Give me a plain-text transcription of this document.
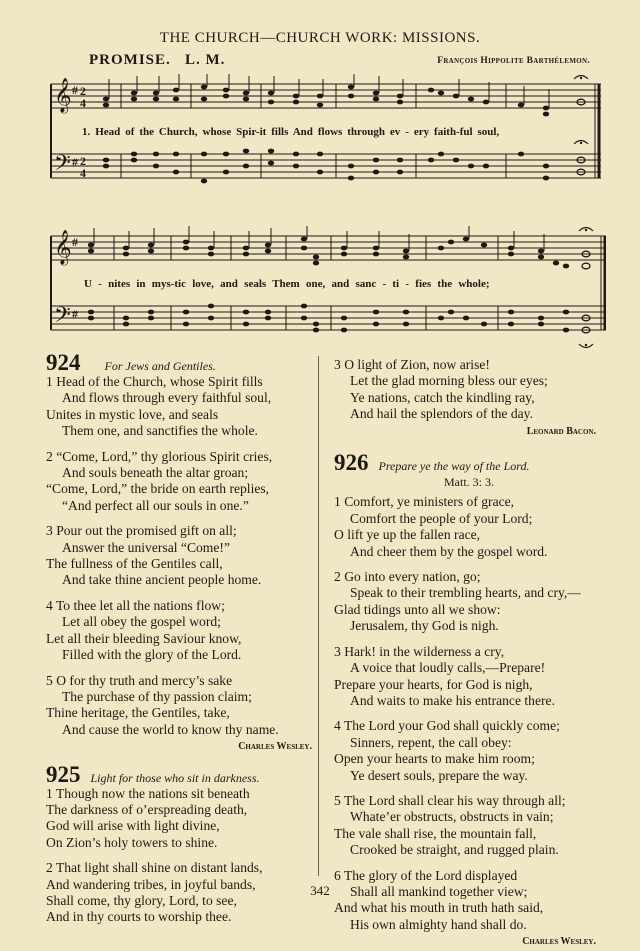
THE CHURCH—CHURCH WORK: MISSIONS.
PROMISE. L. M.	François Hippolite Barthélemon.
𝄞 # 2
4
𝄢 # 2
4
1. Head of the Church, whose Spir-it fills And flows through ev - ery faith-ful soul,
𝄞 #
𝄢 #
U - nites in mys-tic love, and seals Them one, and sanc - ti - fies the whole;
924 For Jews and Gentiles.
1 Head of the Church, whose Spirit fills
And flows through every faithful soul,
Unites in mystic love, and seals
Them one, and sanctifies the whole.
2 “Come, Lord,” thy glorious Spirit cries,
And souls beneath the altar groan;
“Come, Lord,” the bride on earth replies,
“And perfect all our souls in one.”
3 Pour out the promised gift on all;
Answer the universal “Come!”
The fullness of the Gentiles call,
And take thine ancient people home.
4 To thee let all the nations flow;
Let all obey the gospel word;
Let all their bleeding Saviour know,
Filled with the glory of the Lord.
5 O for thy truth and mercy’s sake
The purchase of thy passion claim;
Thine heritage, the Gentiles, take,
And cause the world to know thy name.
Charles Wesley.
925 Light for those who sit in darkness.
1 Though now the nations sit beneath
The darkness of o’erspreading death,
God will arise with light divine,
On Zion’s holy towers to shine.
2 That light shall shine on distant lands,
And wandering tribes, in joyful bands,
Shall come, thy glory, Lord, to see,
And in thy courts to worship thee.
3 O light of Zion, now arise!
Let the glad morning bless our eyes;
Ye nations, catch the kindling ray,
And hail the splendors of the day.
Leonard Bacon.
926 Prepare ye the way of the Lord.
Matt. 3: 3.
1 Comfort, ye ministers of grace,
Comfort the people of your Lord;
O lift ye up the fallen race,
And cheer them by the gospel word.
2 Go into every nation, go;
Speak to their trembling hearts, and cry,—
Glad tidings unto all we show:
Jerusalem, thy God is nigh.
3 Hark! in the wilderness a cry,
A voice that loudly calls,—Prepare!
Prepare your hearts, for God is nigh,
And waits to make his entrance there.
4 The Lord your God shall quickly come;
Sinners, repent, the call obey:
Open your hearts to make him room;
Ye desert souls, prepare the way.
5 The Lord shall clear his way through all;
Whate’er obstructs, obstructs in vain;
The vale shall rise, the mountain fall,
Crooked be straight, and rugged plain.
6 The glory of the Lord displayed
Shall all mankind together view;
And what his mouth in truth hath said,
His own almighty hand shall do.
Charles Wesley.
342
